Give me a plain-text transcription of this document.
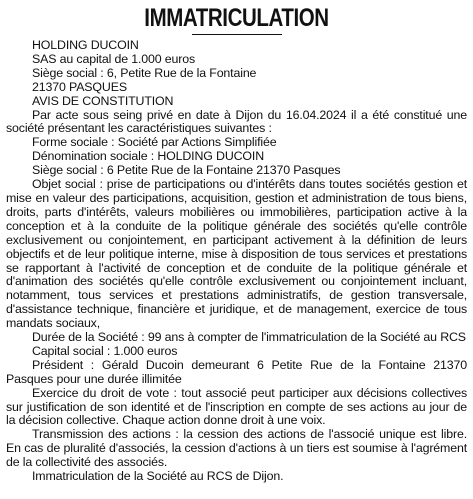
IMMATRICULATION

HOLDING DUCOIN

SAS au capital de 1.000 euros

Siège social : 6, Petite Rue de la Fontaine

21370 PASQUES

AVIS DE CONSTITUTION

Par acte sous seing privé en date à Dijon du 16.04.2024 il a été constitué une société présentant les caractéristiques suivantes :

Forme sociale : Société par Actions Simplifiée

Dénomination sociale : HOLDING DUCOIN

Siège social : 6 Petite Rue de la Fontaine 21370 Pasques

Objet social : prise de participations ou d'intérêts dans toutes sociétés gestion et mise en valeur des participations, acquisition, gestion et administration de tous biens, droits, parts d'intérêts, valeurs mobilières ou immobilières, participation active à la conception et à la conduite de la politique générale des sociétés qu'elle contrôle exclusivement ou conjointement, en participant activement à la définition de leurs objectifs et de leur politique interne, mise à disposition de tous services et prestations se rapportant à l'activité de conception et de conduite de la politique générale et d'animation des sociétés qu'elle contrôle exclusivement ou conjointement incluant, notamment, tous services et prestations administratifs, de gestion transversale, d'assistance technique, financière et juridique, et de management, exercice de tous mandats sociaux,

Durée de la Société : 99 ans à compter de l'immatriculation de la Société au RCS

Capital social : 1.000 euros

Président : Gérald Ducoin demeurant 6 Petite Rue de la Fontaine 21370 Pasques pour une durée illimitée

Exercice du droit de vote : tout associé peut participer aux décisions collectives sur justification de son identité et de l'inscription en compte de ses actions au jour de la décision collective. Chaque action donne droit à une voix.

Transmission des actions : la cession des actions de l'associé unique est libre. En cas de pluralité d'associés, la cession d'actions à un tiers est soumise à l'agrément de la collectivité des associés.

Immatriculation de la Société au RCS de Dijon.
